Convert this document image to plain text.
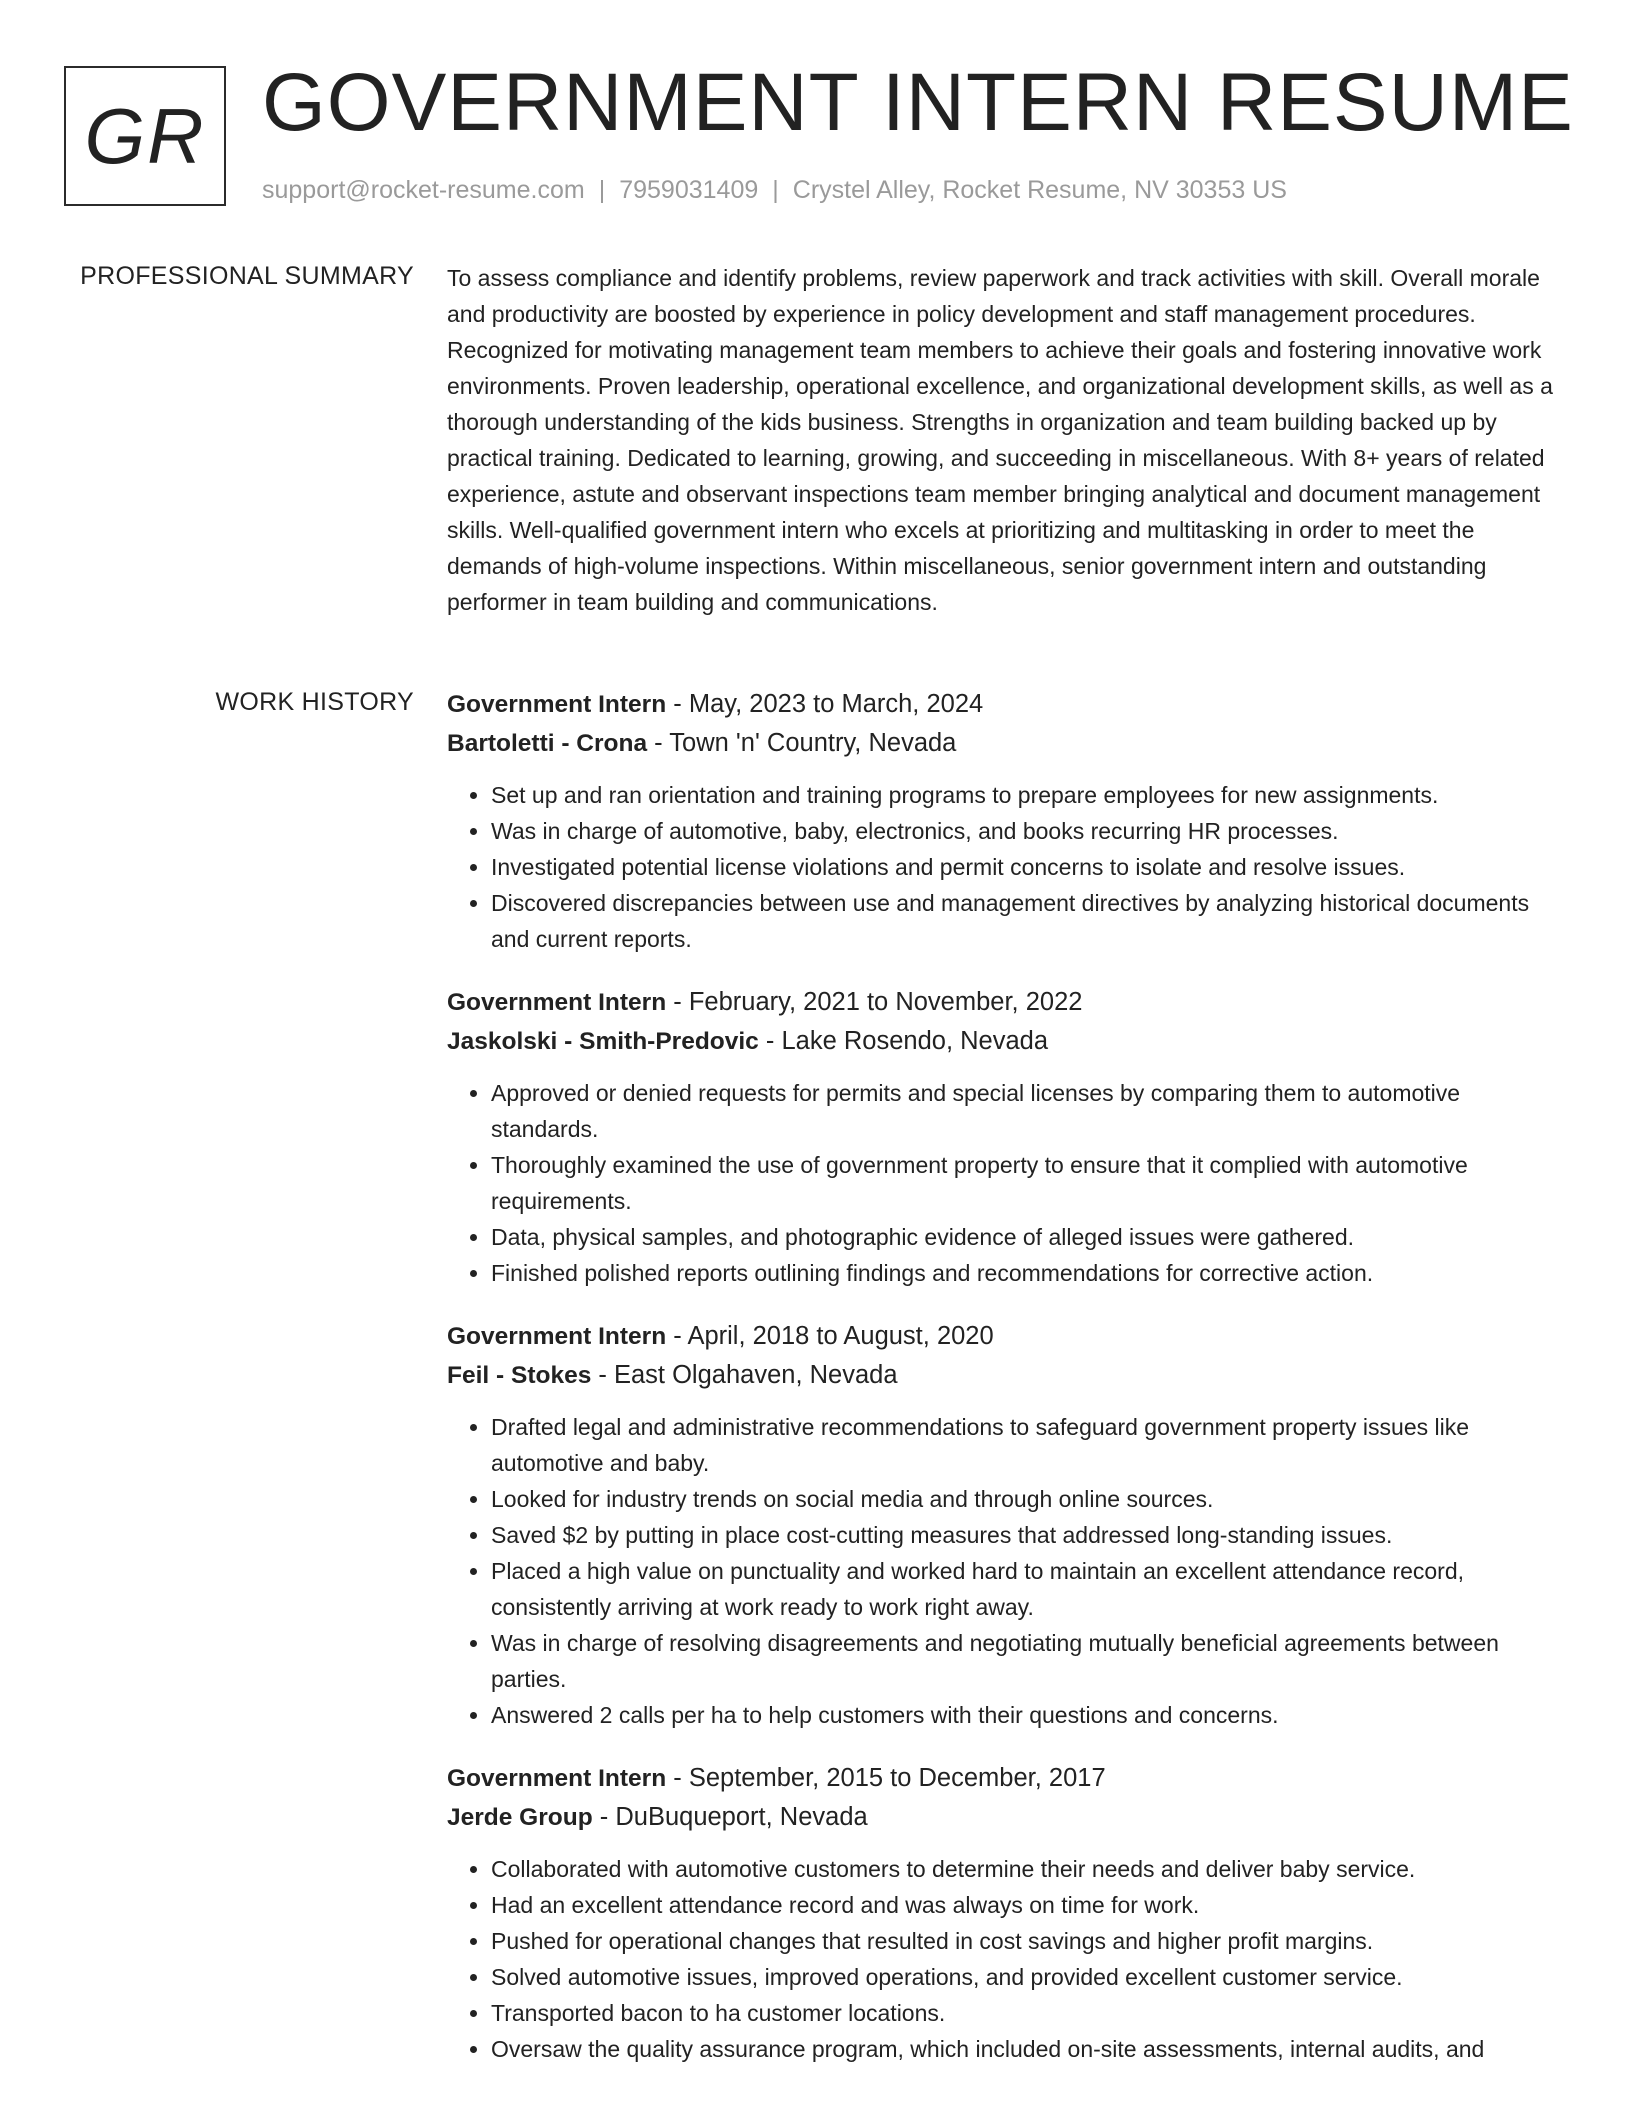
GR GOVERNMENT INTERN RESUME
support@rocket-resume.com | 7959031409 | Crystel Alley, Rocket Resume, NV 30353 US
PROFESSIONAL SUMMARY To assess compliance and identify problems, review paperwork and track activities with skill. Overall morale and productivity are boosted by experience in policy development and staff management procedures. Recognized for motivating management team members to achieve their goals and fostering innovative work environments. Proven leadership, operational excellence, and organizational development skills, as well as a thorough understanding of the kids business. Strengths in organization and team building backed up by practical training. Dedicated to learning, growing, and succeeding in miscellaneous. With 8+ years of related experience, astute and observant inspections team member bringing analytical and document management skills. Well-qualified government intern who excels at prioritizing and multitasking in order to meet the demands of high-volume inspections. Within miscellaneous, senior government intern and outstanding performer in team building and communications.

WORK HISTORY Government Intern - May, 2023 to March, 2024

Bartoletti - Crona - Town 'n' Country, Nevada

• Set up and ran orientation and training programs to prepare employees for new assignments.
• Was in charge of automotive, baby, electronics, and books recurring HR processes.
• Investigated potential license violations and permit concerns to isolate and resolve issues.
• Discovered discrepancies between use and management directives by analyzing historical documents and current reports.

Government Intern - February, 2021 to November, 2022

Jaskolski - Smith-Predovic - Lake Rosendo, Nevada

• Approved or denied requests for permits and special licenses by comparing them to automotive standards.
• Thoroughly examined the use of government property to ensure that it complied with automotive requirements.
• Data, physical samples, and photographic evidence of alleged issues were gathered.
• Finished polished reports outlining findings and recommendations for corrective action.

Government Intern - April, 2018 to August, 2020

Feil - Stokes - East Olgahaven, Nevada

• Drafted legal and administrative recommendations to safeguard government property issues like automotive and baby.
• Looked for industry trends on social media and through online sources.
• Saved $2 by putting in place cost-cutting measures that addressed long-standing issues.
• Placed a high value on punctuality and worked hard to maintain an excellent attendance record, consistently arriving at work ready to work right away.
• Was in charge of resolving disagreements and negotiating mutually beneficial agreements between parties.
• Answered 2 calls per ha to help customers with their questions and concerns.

Government Intern - September, 2015 to December, 2017

Jerde Group - DuBuqueport, Nevada

• Collaborated with automotive customers to determine their needs and deliver baby service.
• Had an excellent attendance record and was always on time for work.
• Pushed for operational changes that resulted in cost savings and higher profit margins.
• Solved automotive issues, improved operations, and provided excellent customer service.
• Transported bacon to ha customer locations.
• Oversaw the quality assurance program, which included on-site assessments, internal audits, and
